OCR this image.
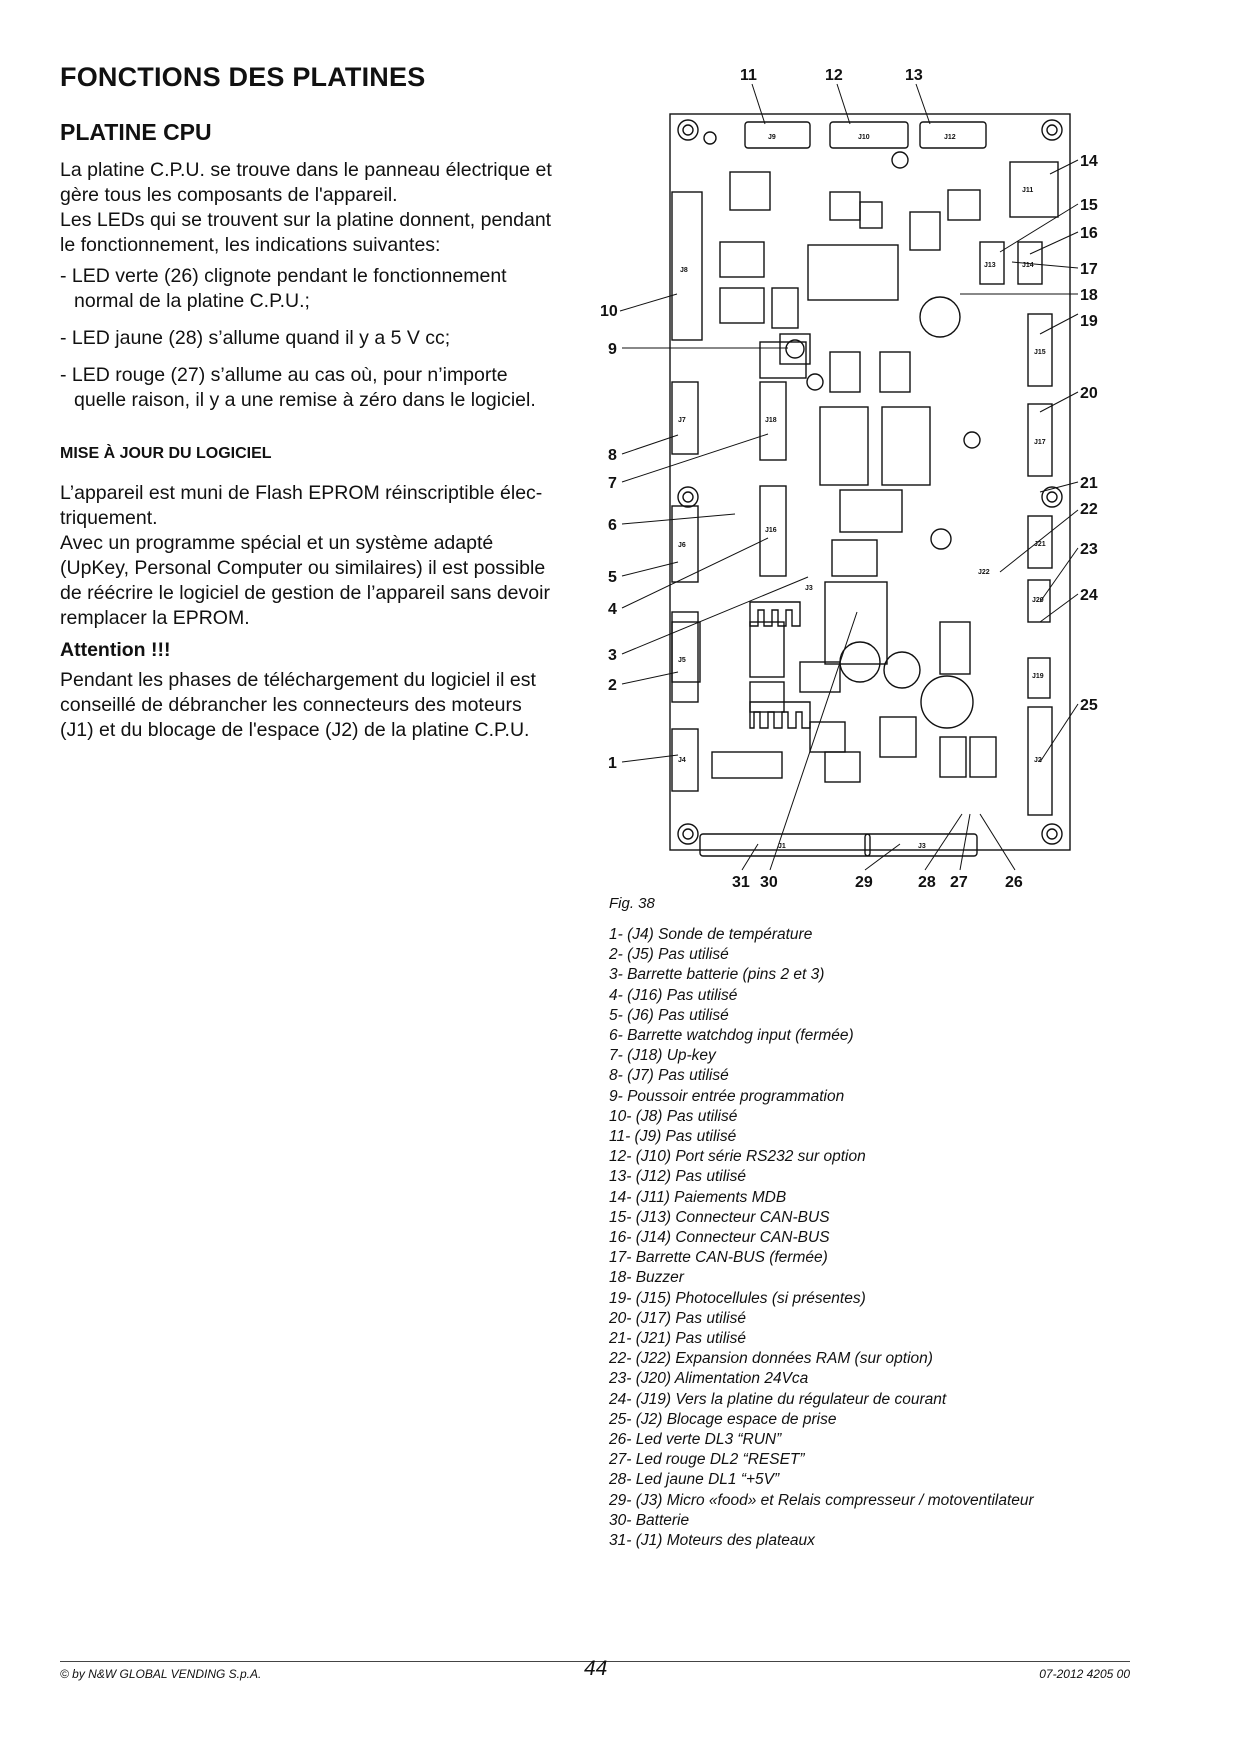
FONCTIONS DES PLATINES
PLATINE CPU

La platine C.P.U. se trouve dans le panneau électrique et
gère tous les composants de l'appareil.
Les LEDs qui se trouvent sur la platine donnent, pendant
le fonctionnement, les indications suivantes:

- LED verte (26) clignote pendant le fonctionnement
normal de la platine C.P.U.;

- LED jaune (28) s’allume quand il y a 5 V cc;

- LED rouge (27) s’allume au cas où, pour n’importe
quelle raison, il y a une remise à zéro dans le logiciel.

MISE À JOUR DU LOGICIEL

L’appareil est muni de Flash EPROM réinscriptible élec-
triquement.
Avec un programme spécial et un système adapté
(UpKey, Personal Computer ou similaires) il est possible
de réécrire le logiciel de gestion de l’appareil sans devoir
remplacer la EPROM.

Attention !!!

Pendant les phases de téléchargement du logiciel il est
conseillé de débrancher les connecteurs des moteurs
(J1) et du blocage de l'espace (J2) de la platine C.P.U.

J9	J10	J12
J11
J13	J14
J8
J15
J7	J18
J17
J6
J16
J21
J22
J20
J3
J5
J19
J4	J2
J1	J3
11	12	13
10
9
8
7
6
5
4
3
2
1
14
15
16
17
18
19
20
21
22
23
24
25
31 30	29	28 27 26
Fig. 38
1- (J4) Sonde de température
2- (J5) Pas utilisé
3- Barrette batterie (pins 2 et 3)
4- (J16) Pas utilisé
5- (J6) Pas utilisé
6- Barrette watchdog input (fermée)
7- (J18) Up-key
8- (J7) Pas utilisé
9- Poussoir entrée programmation
10- (J8) Pas utilisé
11- (J9) Pas utilisé
12- (J10) Port série RS232 sur option
13- (J12) Pas utilisé
14- (J11) Paiements MDB
15- (J13) Connecteur CAN-BUS
16- (J14) Connecteur CAN-BUS
17- Barrette CAN-BUS (fermée)
18- Buzzer
19- (J15) Photocellules (si présentes)
20- (J17) Pas utilisé
21- (J21) Pas utilisé
22- (J22) Expansion données RAM (sur option)
23- (J20) Alimentation 24Vca
24- (J19) Vers la platine du régulateur de courant
25- (J2) Blocage espace de prise
26- Led verte DL3 “RUN”
27- Led rouge DL2 “RESET”
28- Led jaune DL1 “+5V”
29- (J3) Micro «food» et Relais compresseur / motoventilateur
30- Batterie
31- (J1) Moteurs des plateaux
© by N&W GLOBAL VENDING S.p.A.	44	07-2012 4205 00
